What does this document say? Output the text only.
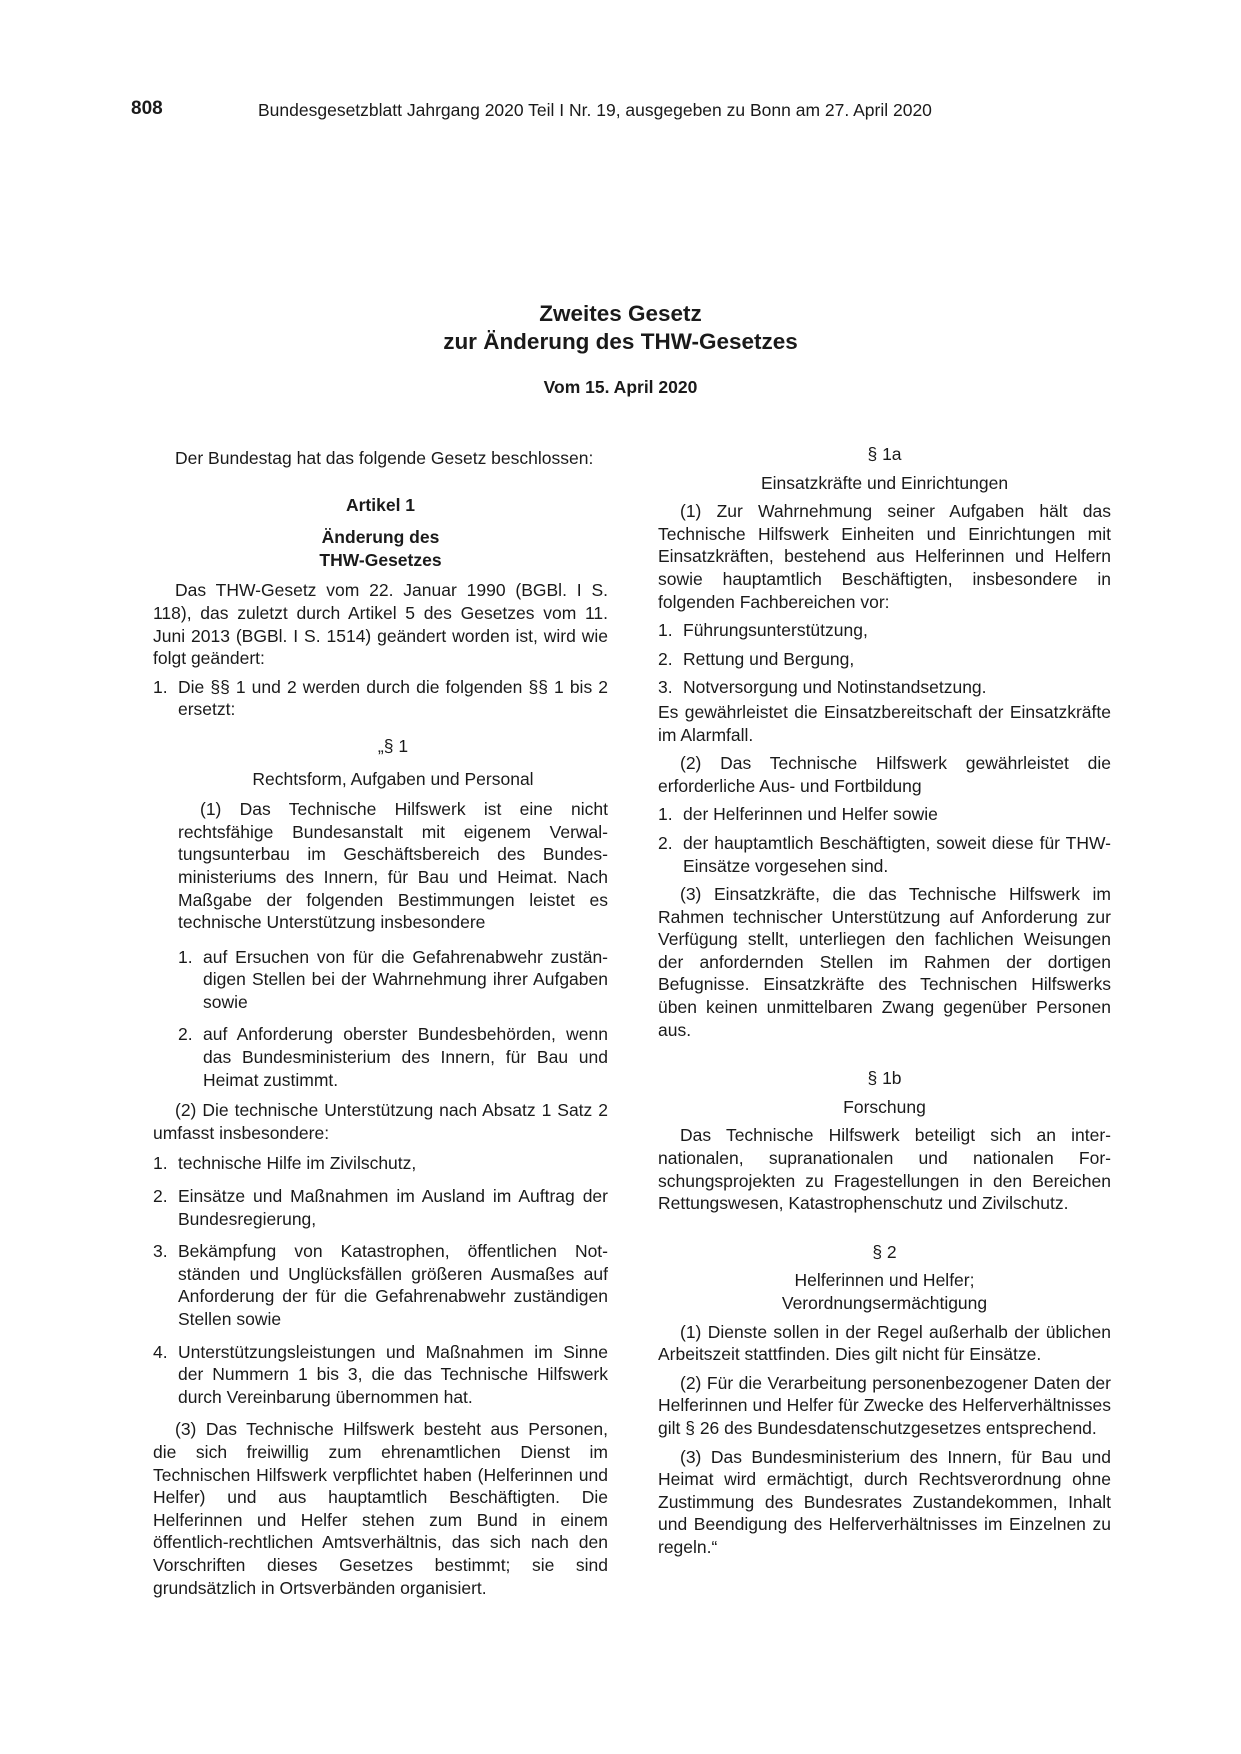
808	Bundesgesetzblatt Jahrgang 2020 Teil I Nr. 19, ausgegeben zu Bonn am 27. April 2020
Zweites Gesetz
zur Änderung des THW-Gesetzes
Vom 15. April 2020

Der Bundestag hat das folgende Gesetz beschlossen:

Artikel 1

Änderung des

THW-Gesetzes

Das THW-Gesetz vom 22. Januar 1990 (BGBl. I S. 118), das zuletzt durch Artikel 5 des Gesetzes vom 11. Juni 2013 (BGBl. I S. 1514) geändert worden ist, wird wie folgt geändert:

1. Die §§ 1 und 2 werden durch die folgenden §§ 1 bis 2 ersetzt:

„§ 1

Rechtsform, Aufgaben und Personal

(1) Das Technische Hilfswerk ist eine nicht rechtsfähige Bundesanstalt mit eigenem Verwaltungsunterbau im Geschäftsbereich des Bundesministeriums des Innern, für Bau und Heimat. Nach Maßgabe der folgenden Bestimmungen leistet es technische Unterstützung insbesondere

1. auf Ersuchen von für die Gefahrenabwehr zuständigen Stellen bei der Wahrnehmung ihrer Aufgaben sowie
2. auf Anforderung oberster Bundesbehörden, wenn das Bundesministerium des Innern, für Bau und Heimat zustimmt.

(2) Die technische Unterstützung nach Absatz 1 Satz 2 umfasst insbesondere:

1. technische Hilfe im Zivilschutz,
2. Einsätze und Maßnahmen im Ausland im Auftrag der Bundesregierung,
3. Bekämpfung von Katastrophen, öffentlichen Notständen und Unglücksfällen größeren Ausmaßes auf Anforderung der für die Gefahrenabwehr zuständigen Stellen sowie
4. Unterstützungsleistungen und Maßnahmen im Sinne der Nummern 1 bis 3, die das Technische Hilfswerk durch Vereinbarung übernommen hat.

(3) Das Technische Hilfswerk besteht aus Personen, die sich freiwillig zum ehrenamtlichen Dienst im Technischen Hilfswerk verpflichtet haben (Helferinnen und Helfer) und aus hauptamtlich Beschäftigten. Die Helferinnen und Helfer stehen zum Bund in einem öffentlich-rechtlichen Amtsverhältnis, das sich nach den Vorschriften dieses Gesetzes bestimmt; sie sind grundsätzlich in Ortsverbänden organisiert.

§ 1a

Einsatzkräfte und Einrichtungen

(1) Zur Wahrnehmung seiner Aufgaben hält das Technische Hilfswerk Einheiten und Einrichtungen mit Einsatzkräften, bestehend aus Helferinnen und Helfern sowie hauptamtlich Beschäftigten, insbesondere in folgenden Fachbereichen vor:

1. Führungsunterstützung,
2. Rettung und Bergung,
3. Notversorgung und Notinstandsetzung.

Es gewährleistet die Einsatzbereitschaft der Einsatzkräfte im Alarmfall.

(2) Das Technische Hilfswerk gewährleistet die erforderliche Aus- und Fortbildung

1. der Helferinnen und Helfer sowie
2. der hauptamtlich Beschäftigten, soweit diese für THW-Einsätze vorgesehen sind.

(3) Einsatzkräfte, die das Technische Hilfswerk im Rahmen technischer Unterstützung auf Anforderung zur Verfügung stellt, unterliegen den fachlichen Weisungen der anfordernden Stellen im Rahmen der dortigen Befugnisse. Einsatzkräfte des Technischen Hilfswerks üben keinen unmittelbaren Zwang gegenüber Personen aus.

§ 1b

Forschung

Das Technische Hilfswerk beteiligt sich an internationalen, supranationalen und nationalen Forschungsprojekten zu Fragestellungen in den Bereichen Rettungswesen, Katastrophenschutz und Zivilschutz.

§ 2

Helferinnen und Helfer;

Verordnungsermächtigung

(1) Dienste sollen in der Regel außerhalb der üblichen Arbeitszeit stattfinden. Dies gilt nicht für Einsätze.

(2) Für die Verarbeitung personenbezogener Daten der Helferinnen und Helfer für Zwecke des Helferverhältnisses gilt § 26 des Bundesdatenschutzgesetzes entsprechend.

(3) Das Bundesministerium des Innern, für Bau und Heimat wird ermächtigt, durch Rechtsverordnung ohne Zustimmung des Bundesrates Zustandekommen, Inhalt und Beendigung des Helferverhältnisses im Einzelnen zu regeln.“
